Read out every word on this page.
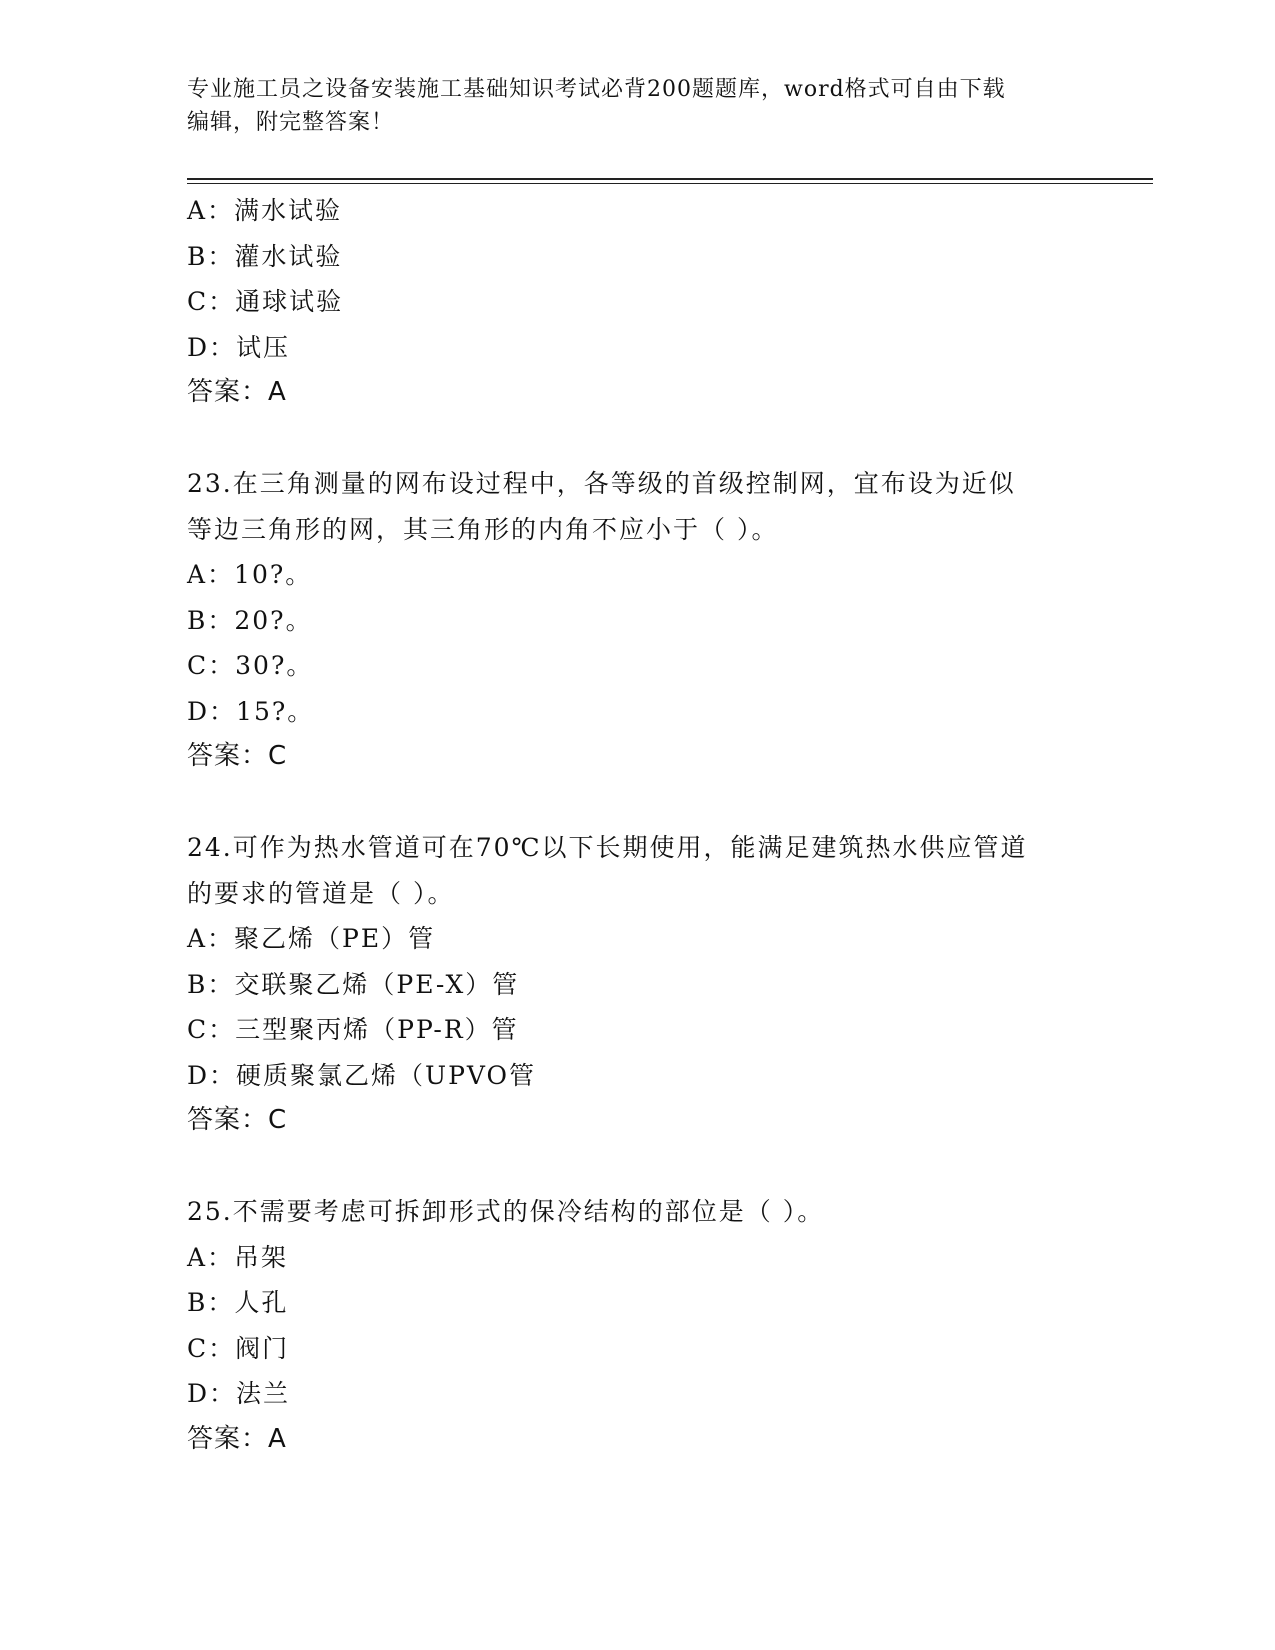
专业施工员之设备安装施工基础知识考试必背200题题库，word格式可自由下载
编辑，附完整答案！
A：满水试验
B：灌水试验
C：通球试验
D：试压
答案：A
23.在三角测量的网布设过程中，各等级的首级控制网，宜布设为近似
等边三角形的网，其三角形的内角不应小于（ ）。
A：10?。
B：20?。
C：30?。
D：15?。
答案：C
24.可作为热水管道可在70℃以下长期使用，能满足建筑热水供应管道
的要求的管道是（ ）。
A：聚乙烯（PE）管
B：交联聚乙烯（PE-X）管
C：三型聚丙烯（PP-R）管
D：硬质聚氯乙烯（UPVO管
答案：C
25.不需要考虑可拆卸形式的保冷结构的部位是（ ）。
A：吊架
B：人孔
C：阀门
D：法兰
答案：A
